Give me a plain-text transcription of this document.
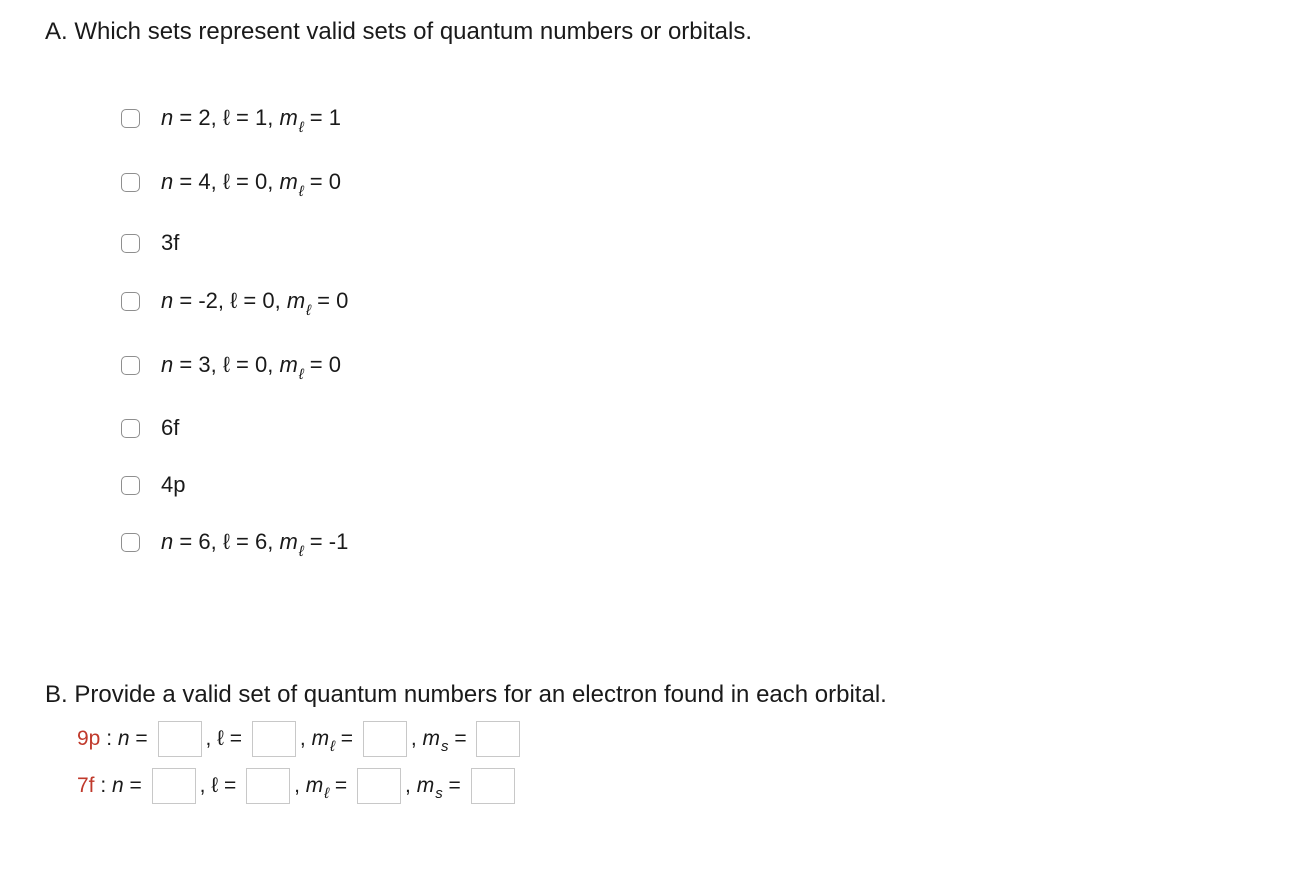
A. Which sets represent valid sets of quantum numbers or orbitals.
n = 2, ℓ = 1, $m_\ell = 1$
n = 4, ℓ = 0, $m_\ell = 0$
3f
n = -2, ℓ = 0, $m_\ell = 0$
n = 3, ℓ = 0, $m_\ell = 0$
6f
4p
n = 6, ℓ = 6, $m_\ell = -1$
B. Provide a valid set of quantum numbers for an electron found in each orbital.
9p : n = , ℓ = , m ℓ = , m s =
7f : n = , ℓ = , m ℓ = , m s =
